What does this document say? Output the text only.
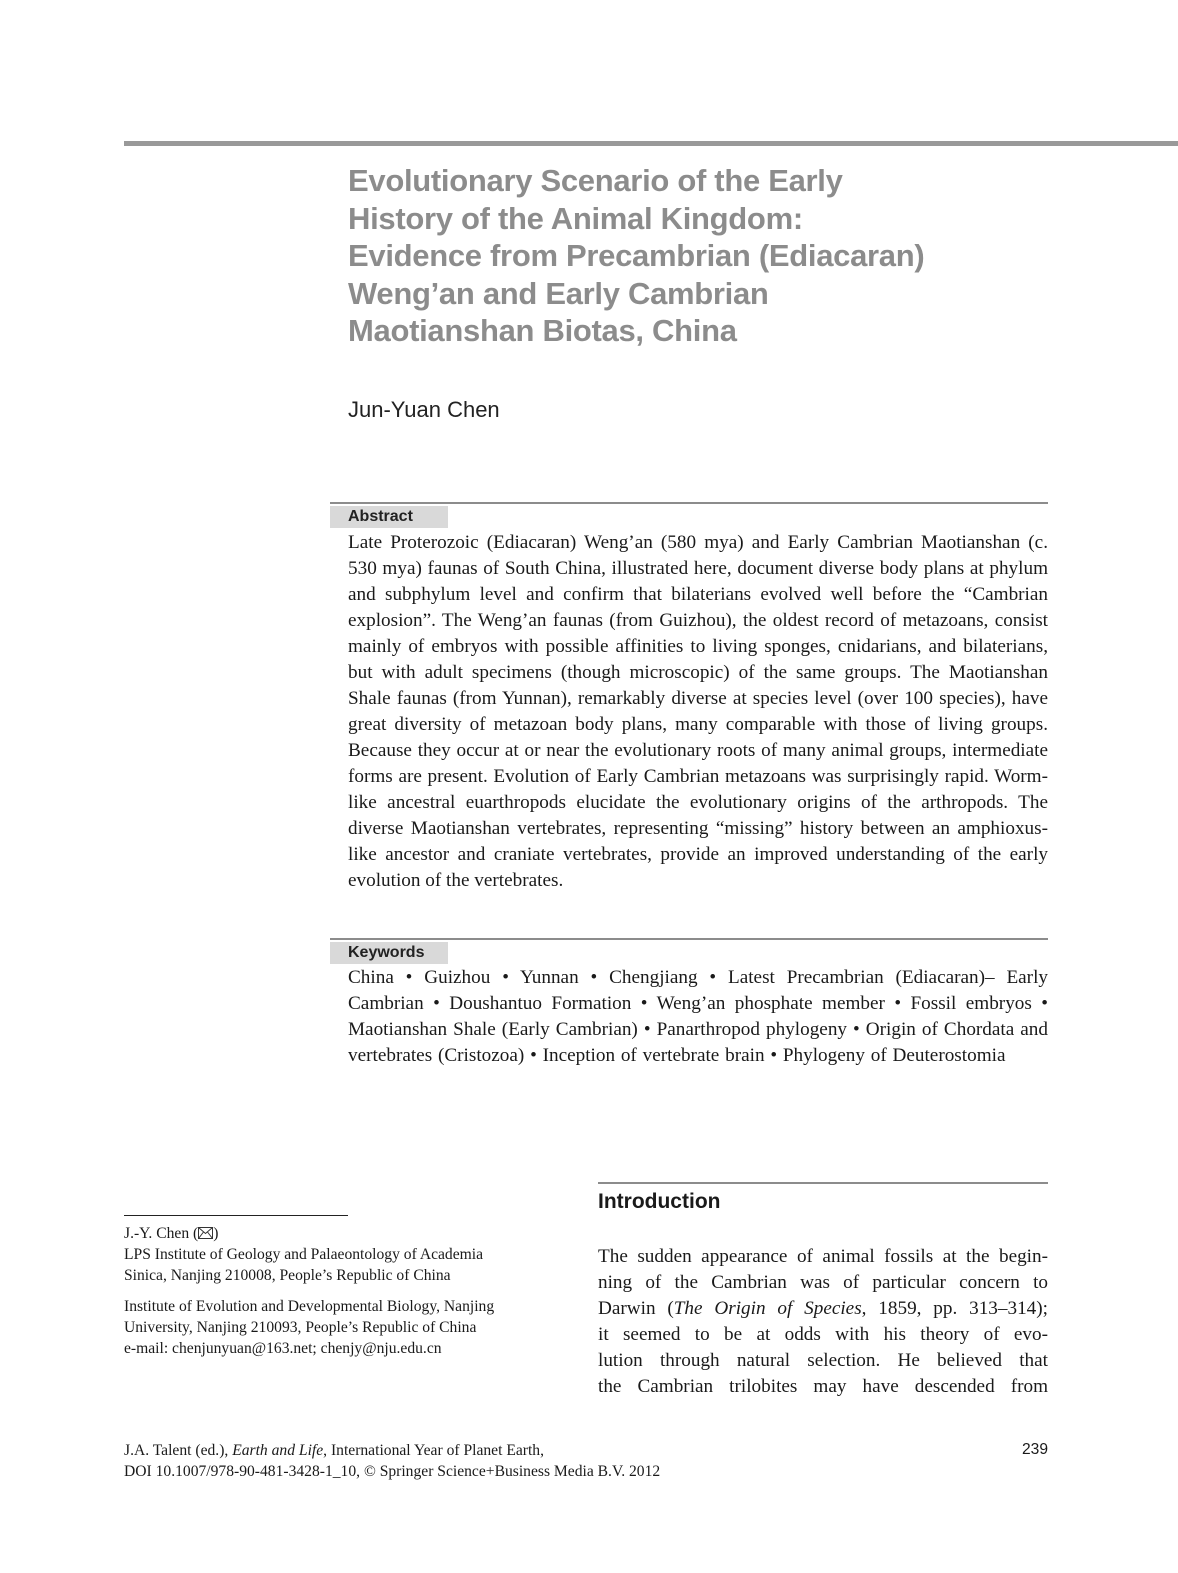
Evolutionary Scenario of the Early
History of the Animal Kingdom:
Evidence from Precambrian (Ediacaran)
Weng’an and Early Cambrian
Maotianshan Biotas, China
Jun-Yuan Chen
Abstract

Late Proterozoic (Ediacaran) Weng’an (580 mya) and Early Cambrian Maotianshan (c. 530 mya) faunas of South China, illustrated here, document diverse body plans at phylum and subphylum level and confirm that bilaterians evolved well before the “Cambrian explosion”. The Weng’an faunas (from Guizhou), the oldest record of metazoans, consist mainly of embryos with possible affinities to living sponges, cnidarians, and bilaterians, but with adult specimens (though microscopic) of the same groups. The Maotianshan Shale faunas (from Yunnan), remarkably diverse at species level (over 100 species), have great diversity of metazoan body plans, many comparable with those of living groups. Because they occur at or near the evolutionary roots of many animal groups, intermediate forms are present. Evolution of Early Cambrian metazoans was surprisingly rapid. Worm-like ancestral euarthropods elucidate the evolutionary origins of the arthropods. The diverse Maotianshan vertebrates, representing “missing” history between an amphioxus-like ancestor and craniate vertebrates, provide an improved understanding of the early evolution of the vertebrates.

Keywords

China • Guizhou • Yunnan • Chengjiang • Latest Precambrian (Ediacaran)– Early Cambrian • Doushantuo Formation • Weng’an phosphate member • Fossil embryos • Maotianshan Shale (Early Cambrian) • Panarthropod phylogeny • Origin of Chordata and vertebrates (Cristozoa) • Inception of vertebrate brain • Phylogeny of Deuterostomia

J.-Y. Chen ( )
LPS Institute of Geology and Palaeontology of Academia
Sinica, Nanjing 210008, People’s Republic of China
Institute of Evolution and Developmental Biology, Nanjing
University, Nanjing 210093, People’s Republic of China
e-mail: chenjunyuan@163.net; chenjy@nju.edu.cn
Introduction
The sudden appearance of animal fossils at the begin-
ning of the Cambrian was of particular concern to
Darwin (The Origin of Species, 1859, pp. 313–314);
it seemed to be at odds with his theory of evo-
lution through natural selection. He believed that
the Cambrian trilobites may have descended from
J.A. Talent (ed.), Earth and Life, International Year of Planet Earth,
DOI 10.1007/978-90-481-3428-1_10, © Springer Science+Business Media B.V. 2012
239
